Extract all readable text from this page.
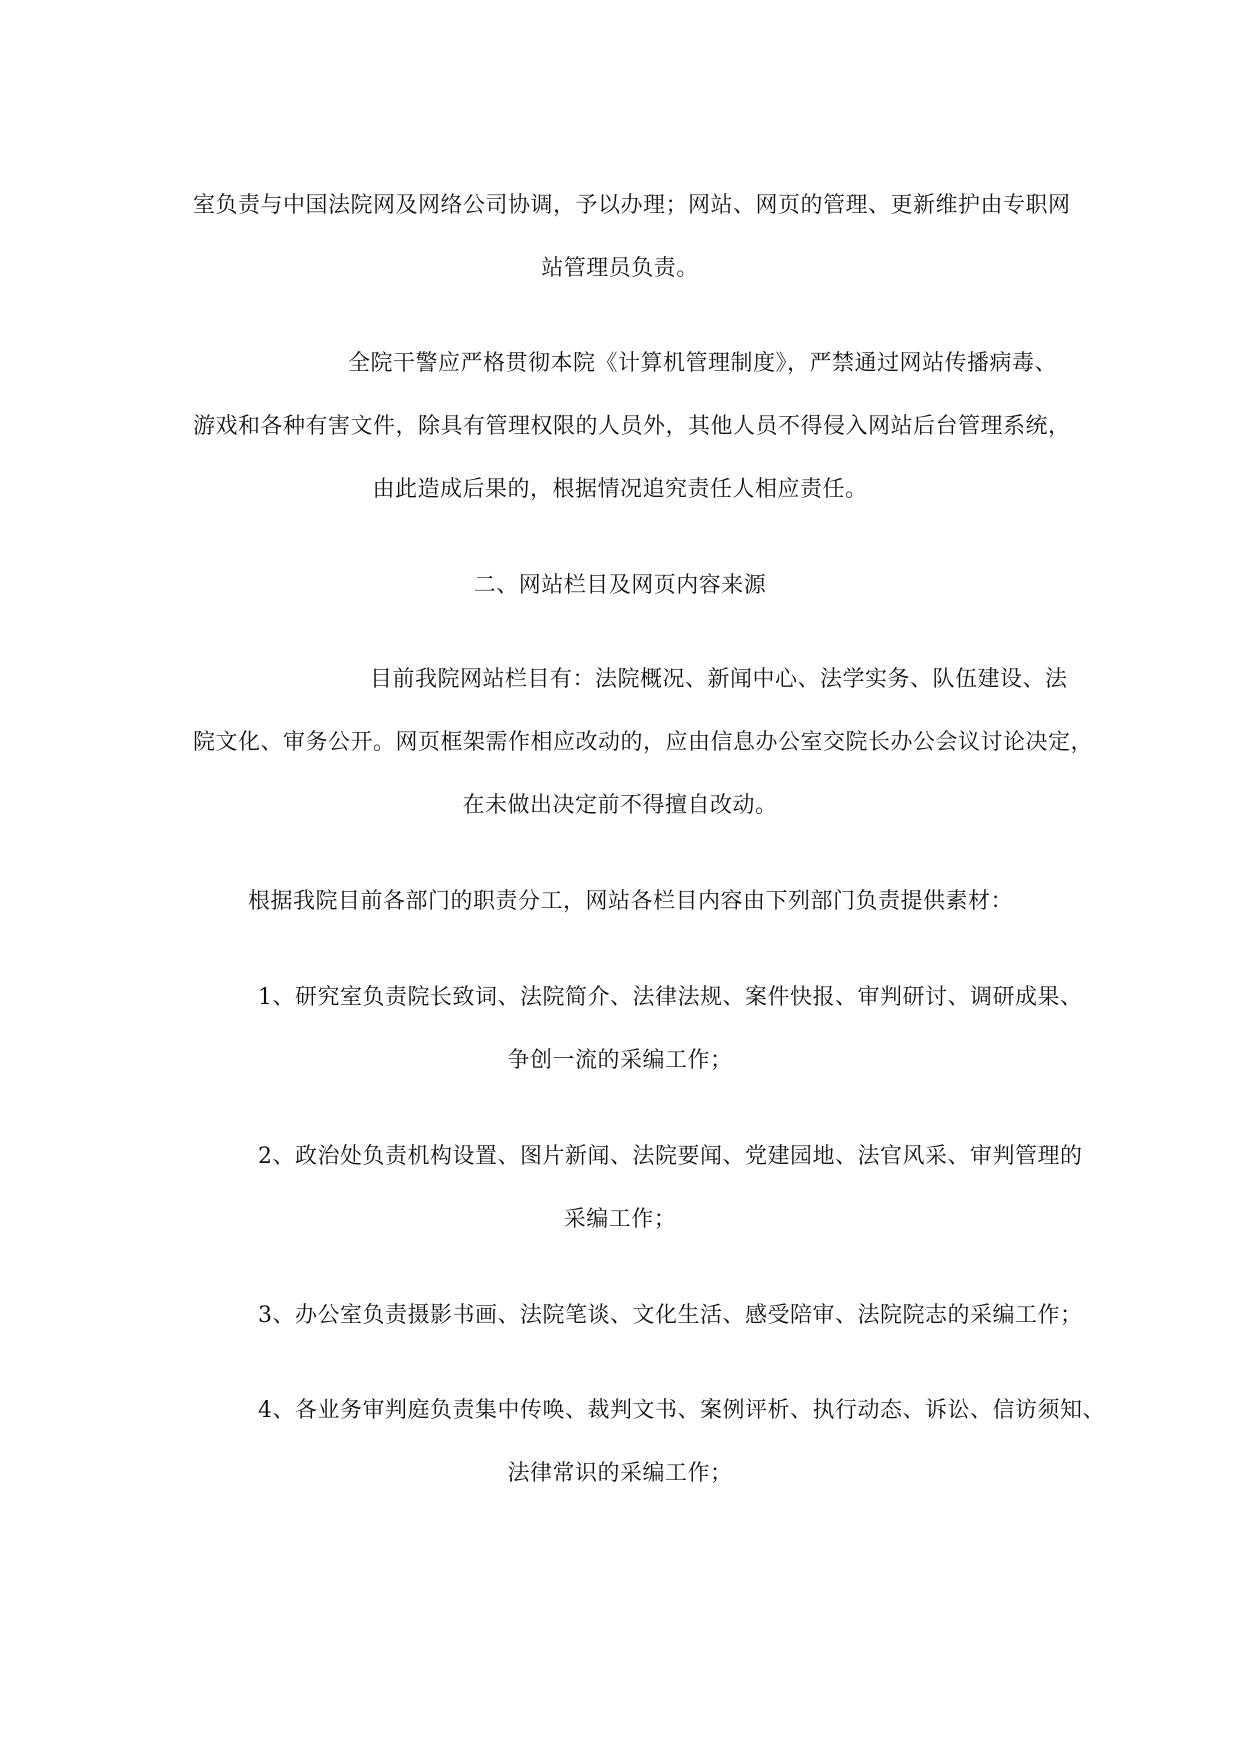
室负责与中国法院网及网络公司协调，予以办理；网站、网页的管理、更新维护由专职网
站管理员负责。
全院干警应严格贯彻本院《计算机管理制度》，严禁通过网站传播病毒、
游戏和各种有害文件，除具有管理权限的人员外，其他人员不得侵入网站后台管理系统，
由此造成后果的，根据情况追究责任人相应责任。
二、网站栏目及网页内容来源
目前我院网站栏目有：法院概况、新闻中心、法学实务、队伍建设、法
院文化、审务公开。网页框架需作相应改动的，应由信息办公室交院长办公会议讨论决定，
在未做出决定前不得擅自改动。
根据我院目前各部门的职责分工，网站各栏目内容由下列部门负责提供素材：
1、研究室负责院长致词、法院简介、法律法规、案件快报、审判研讨、调研成果、
争创一流的采编工作；
2、政治处负责机构设置、图片新闻、法院要闻、党建园地、法官风采、审判管理的
采编工作；
3、办公室负责摄影书画、法院笔谈、文化生活、感受陪审、法院院志的采编工作；
4、各业务审判庭负责集中传唤、裁判文书、案例评析、执行动态、诉讼、信访须知、
法律常识的采编工作；
